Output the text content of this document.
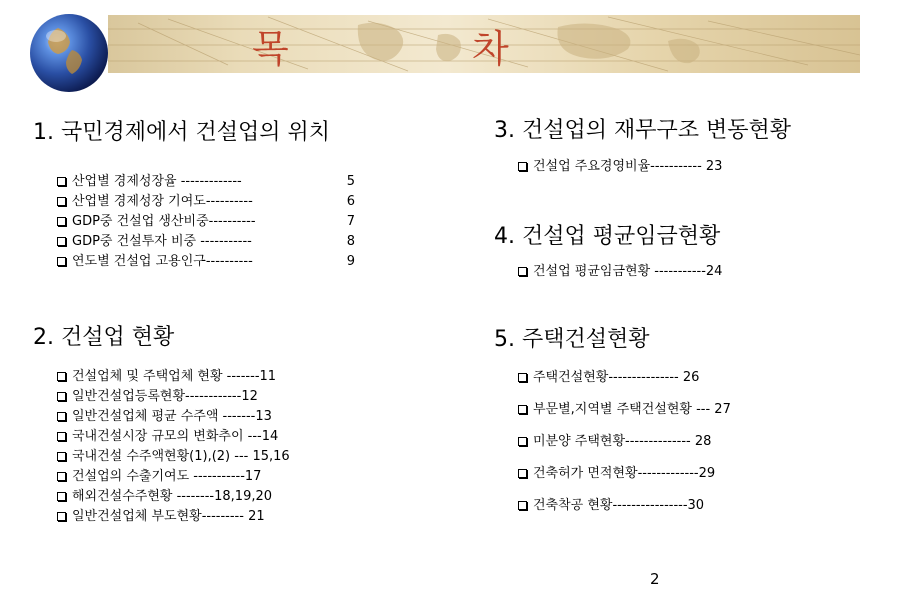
목	차
1. 국민경제에서 건설업의 위치
산업별 경제성장율 -------------	5
산업별 경제성장 기여도----------	6
GDP중 건설업 생산비중----------	7
GDP중 건설투자 비중 -----------	8
연도별 건설업 고용인구----------	9
2. 건설업 현황
건설업체 및 주택업체 현황 -------11
일반건설업등록현황------------12
일반건설업체 평균 수주액 -------13
국내건설시장 규모의 변화추이 ---14
국내건설 수주액현황(1),(2) --- 15,16
건설업의 수출기여도 -----------17
해외건설수주현황 --------18,19,20
일반건설업체 부도현황--------- 21
3. 건설업의 재무구조 변동현황
건설업 주요경영비율----------- 23
4. 건설업 평균임금현황
건설업 평균임금현황 -----------24
5. 주택건설현황
주택건설현황--------------- 26
부문별,지역별 주택건설현황 --- 27
미분양 주택현황-------------- 28
건축허가 면적현황-------------29
건축착공 현황----------------30
2
